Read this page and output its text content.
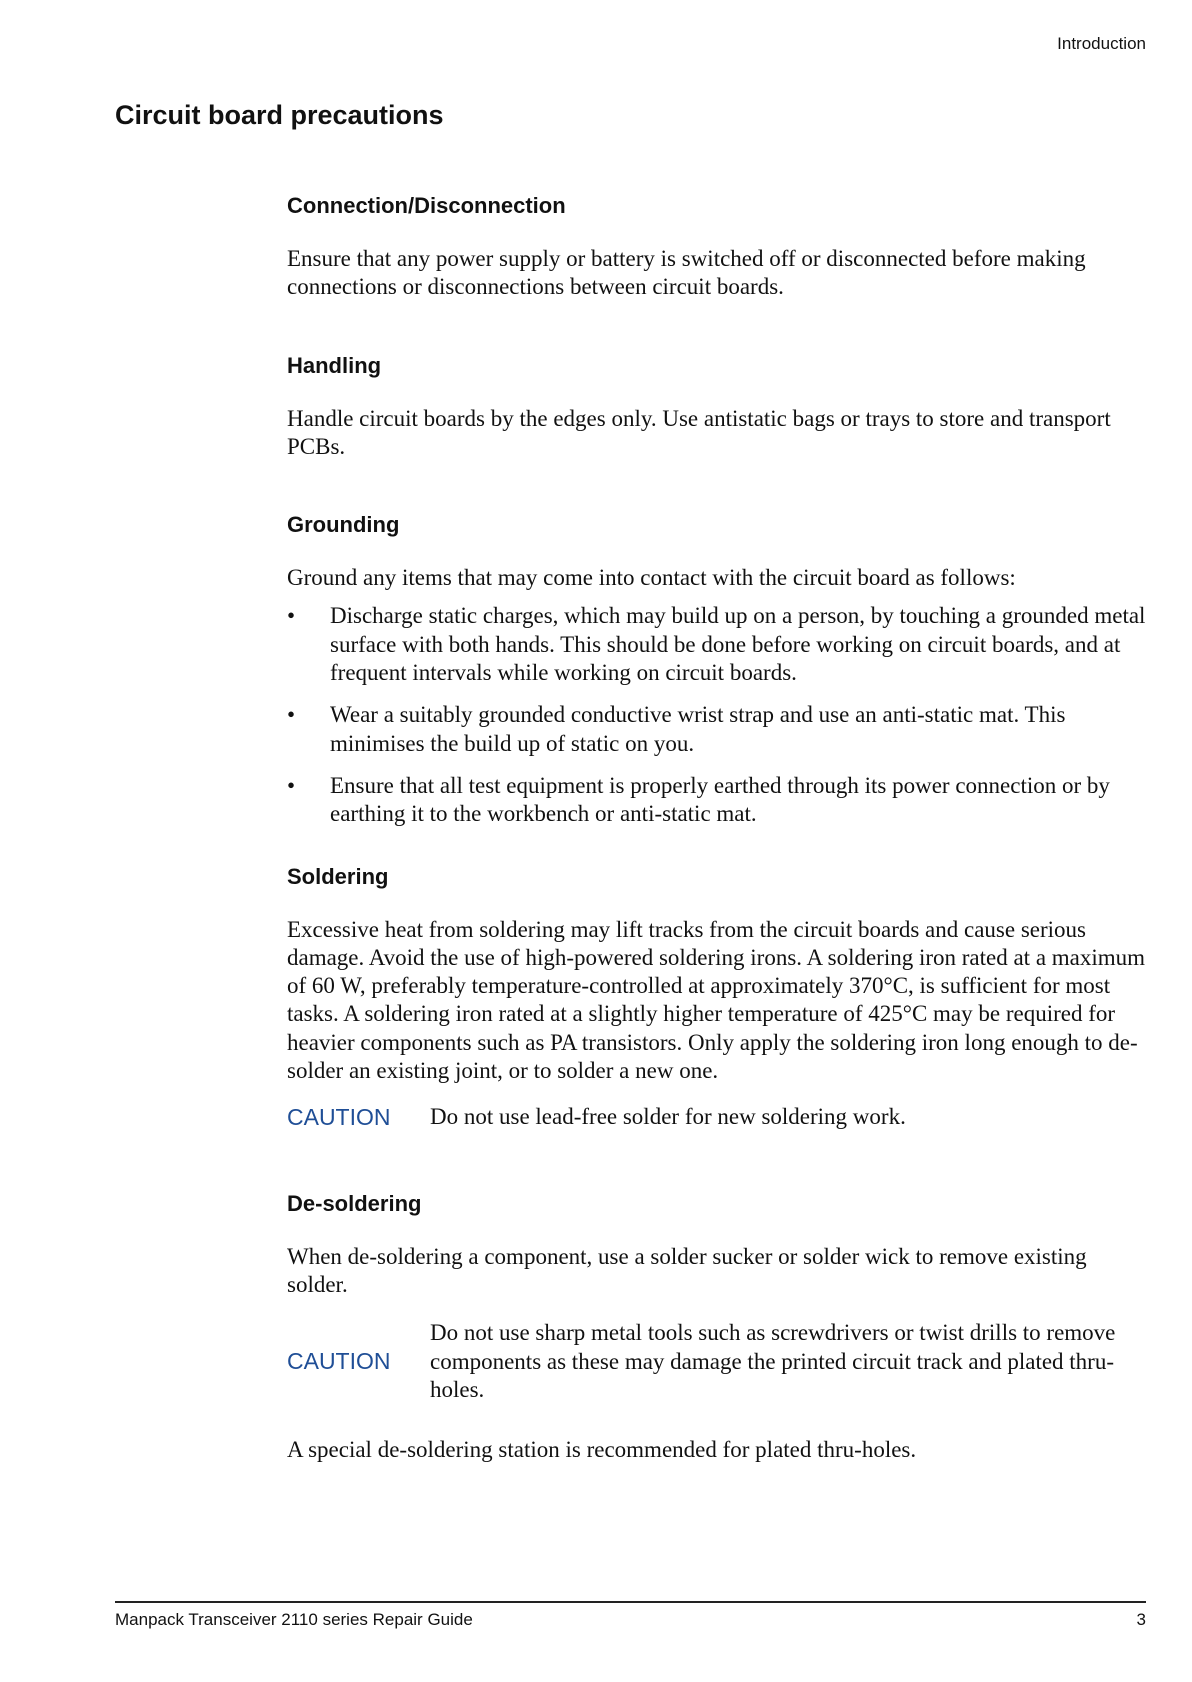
Introduction
Circuit board precautions
Connection/Disconnection

Ensure that any power supply or battery is switched off or disconnected before making connections or disconnections between circuit boards.

Handling

Handle circuit boards by the edges only. Use antistatic bags or trays to store and transport PCBs.

Grounding

Ground any items that may come into contact with the circuit board as follows:

• Discharge static charges, which may build up on a person, by touching a grounded metal surface with both hands. This should be done before working on circuit boards, and at frequent intervals while working on circuit boards.
• Wear a suitably grounded conductive wrist strap and use an anti-static mat. This minimises the build up of static on you.
• Ensure that all test equipment is properly earthed through its power connection or by earthing it to the workbench or anti-static mat.
Soldering

Excessive heat from soldering may lift tracks from the circuit boards and cause serious damage. Avoid the use of high-powered soldering irons. A soldering iron rated at a maximum of 60 W, preferably temperature-controlled at approximately 370°C, is sufficient for most tasks. A soldering iron rated at a slightly higher temperature of 425°C may be required for heavier components such as PA transistors. Only apply the soldering iron long enough to de-solder an existing joint, or to solder a new one.

CAUTION	Do not use lead-free solder for new soldering work.
De-soldering

When de-soldering a component, use a solder sucker or solder wick to remove existing solder.

CAUTION
Do not use sharp metal tools such as screwdrivers or twist drills to remove components as these may damage the printed circuit track and plated thru-holes.

A special de-soldering station is recommended for plated thru-holes.

Manpack Transceiver 2110 series Repair Guide	3
